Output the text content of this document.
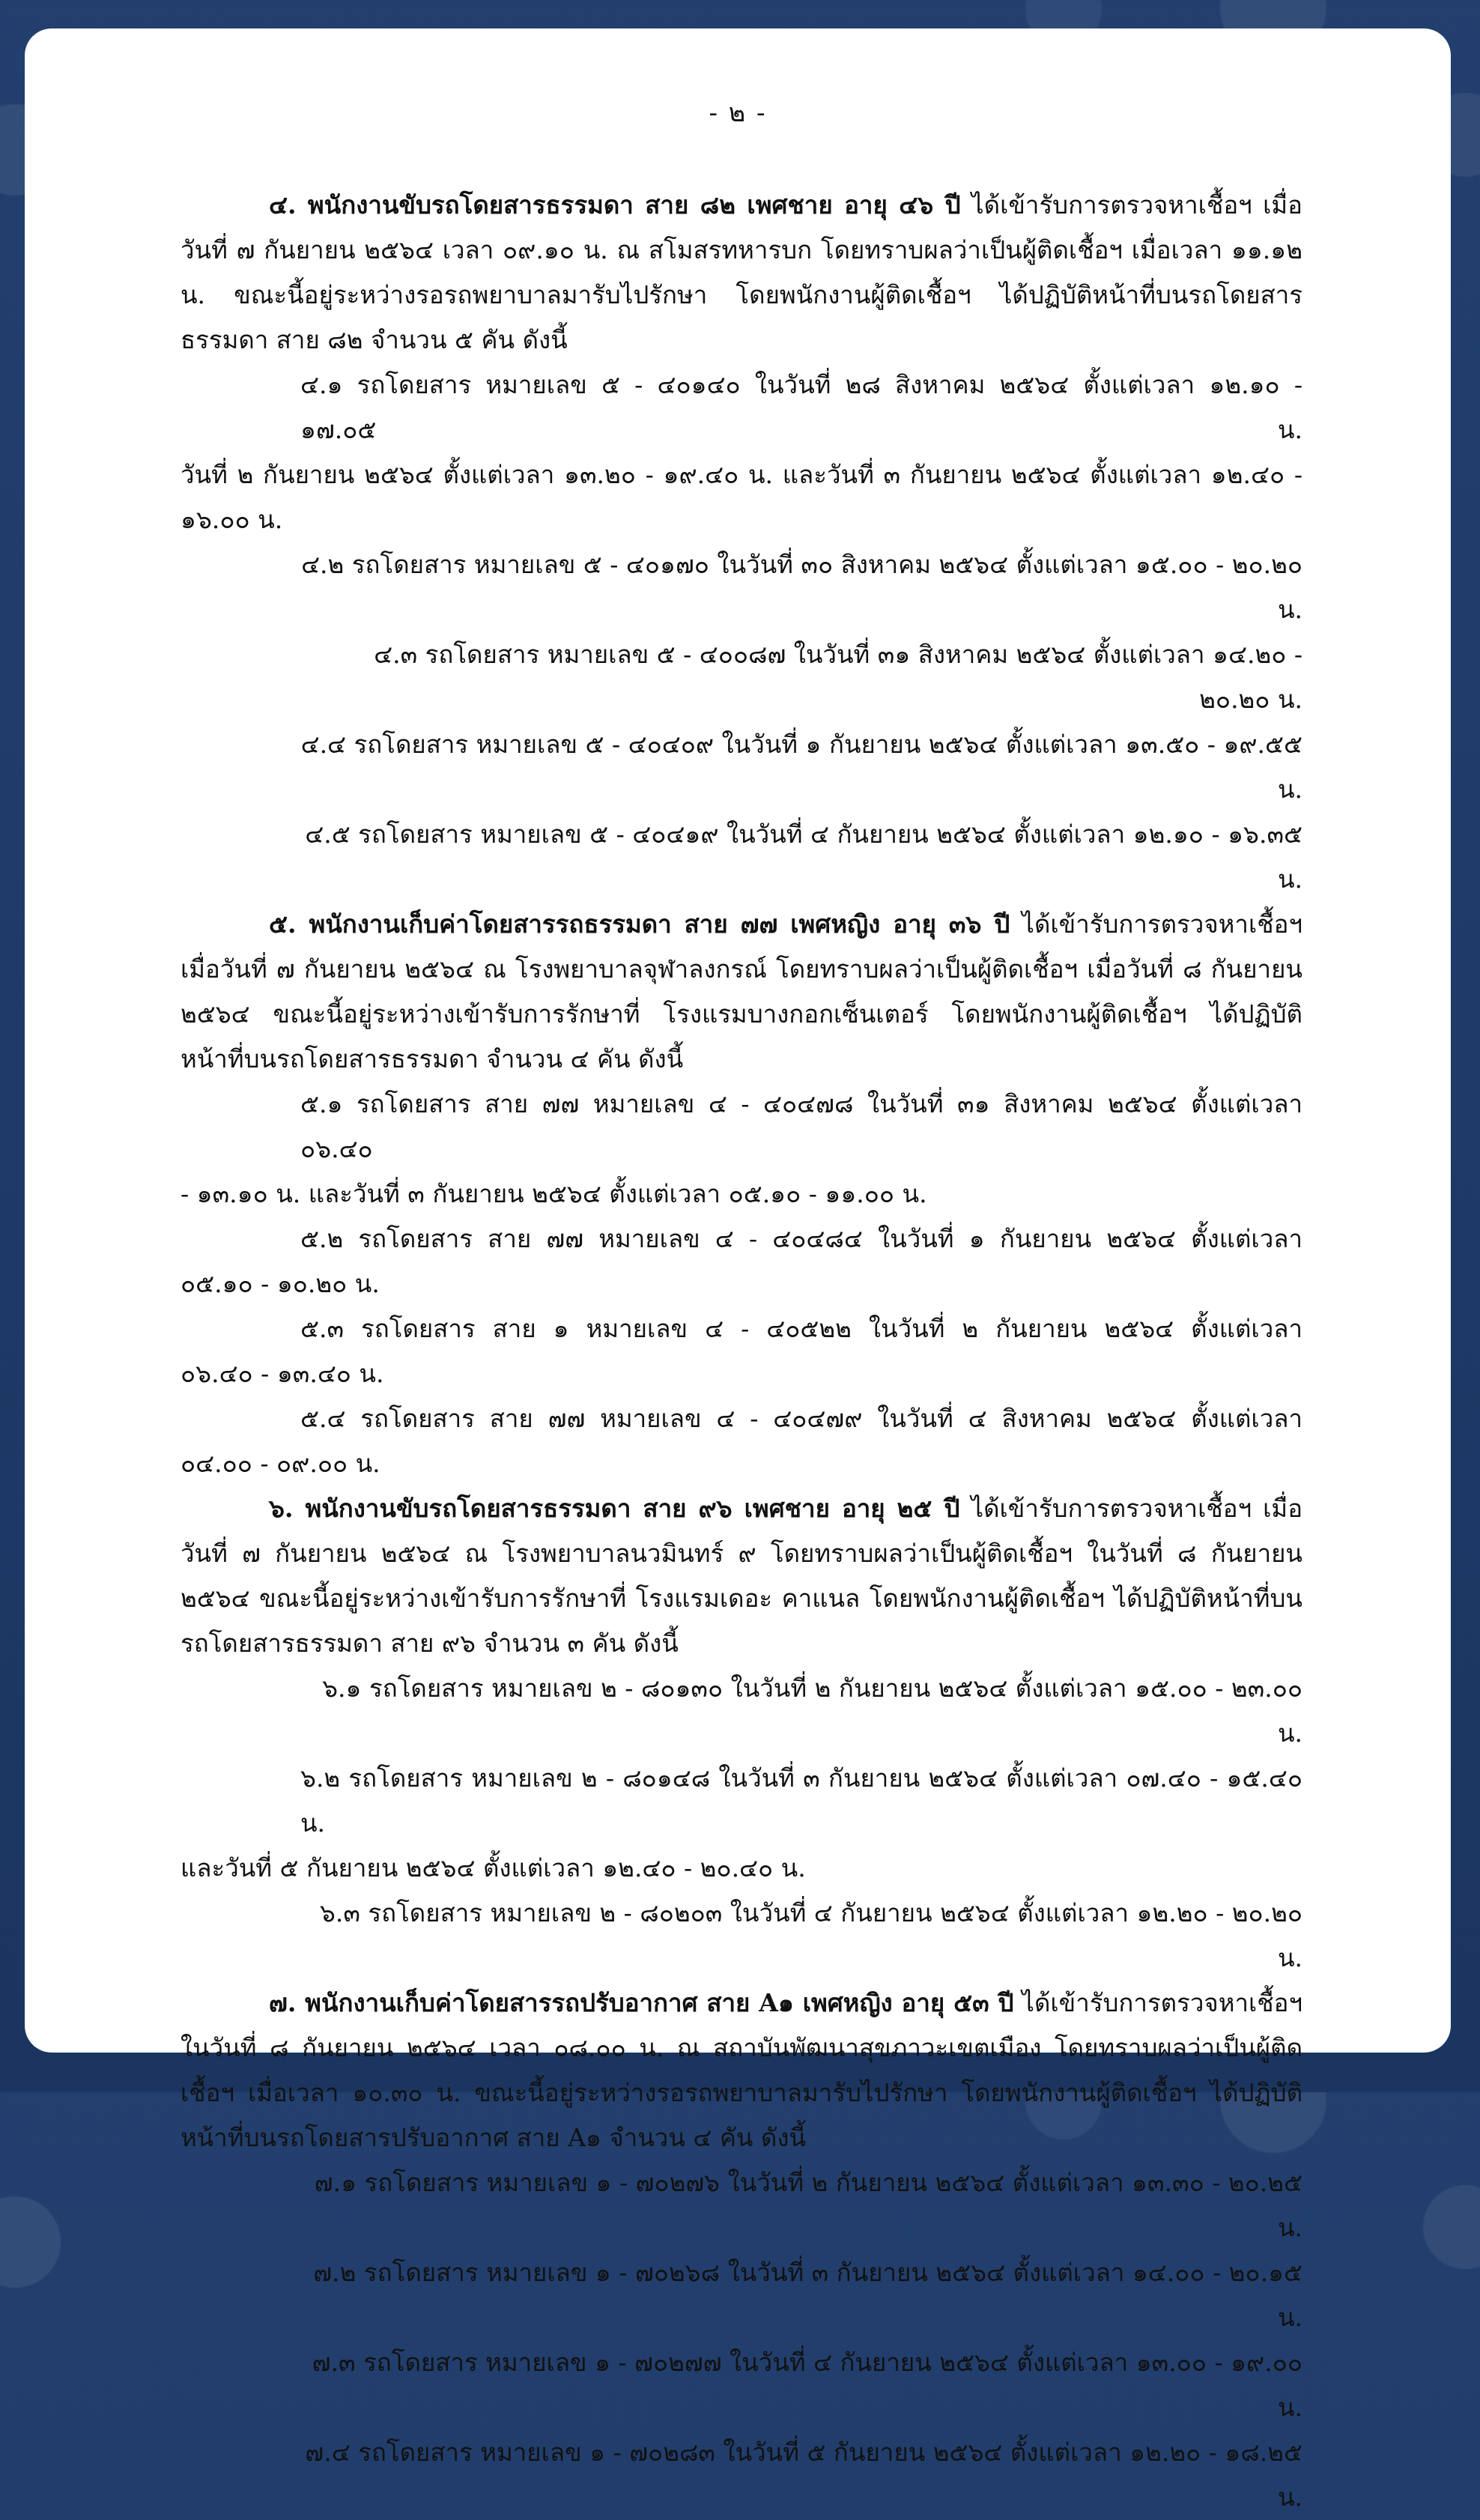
- ๒ -

๔. พนักงานขับรถโดยสารธรรมดา สาย ๘๒ เพศชาย อายุ ๔๖ ปี ได้เข้ารับการตรวจหาเชื้อฯ เมื่อวันที่ ๗ กันยายน ๒๕๖๔ เวลา ๐๙.๑๐ น. ณ สโมสรทหารบก โดยทราบผลว่าเป็นผู้ติดเชื้อฯ เมื่อเวลา ๑๑.๑๒ น. ขณะนี้อยู่ระหว่างรอรถพยาบาลมารับไปรักษา โดยพนักงานผู้ติดเชื้อฯ ได้ปฏิบัติหน้าที่บนรถโดยสารธรรมดา สาย ๘๒ จำนวน ๕ คัน ดังนี้

๔.๑ รถโดยสาร หมายเลข ๕ - ๔๐๑๔๐ ในวันที่ ๒๘ สิงหาคม ๒๕๖๔ ตั้งแต่เวลา ๑๒.๑๐ - ๑๗.๐๕ น.
วันที่ ๒ กันยายน ๒๕๖๔ ตั้งแต่เวลา ๑๓.๒๐ - ๑๙.๔๐ น. และวันที่ ๓ กันยายน ๒๕๖๔ ตั้งแต่เวลา ๑๒.๔๐ - ๑๖.๐๐ น.
๔.๒ รถโดยสาร หมายเลข ๕ - ๔๐๑๗๐ ในวันที่ ๓๐ สิงหาคม ๒๕๖๔ ตั้งแต่เวลา ๑๕.๐๐ - ๒๐.๒๐ น.
๔.๓ รถโดยสาร หมายเลข ๕ - ๔๐๐๘๗ ในวันที่ ๓๑ สิงหาคม ๒๕๖๔ ตั้งแต่เวลา ๑๔.๒๐ - ๒๐.๒๐ น.
๔.๔ รถโดยสาร หมายเลข ๕ - ๔๐๔๐๙ ในวันที่ ๑ กันยายน ๒๕๖๔ ตั้งแต่เวลา ๑๓.๕๐ - ๑๙.๕๕ น.
๔.๕ รถโดยสาร หมายเลข ๕ - ๔๐๔๑๙ ในวันที่ ๔ กันยายน ๒๕๖๔ ตั้งแต่เวลา ๑๒.๑๐ - ๑๖.๓๕ น.

๕. พนักงานเก็บค่าโดยสารรถธรรมดา สาย ๗๗ เพศหญิง อายุ ๓๖ ปี ได้เข้ารับการตรวจหาเชื้อฯ เมื่อวันที่ ๗ กันยายน ๒๕๖๔ ณ โรงพยาบาลจุฬาลงกรณ์ โดยทราบผลว่าเป็นผู้ติดเชื้อฯ เมื่อวันที่ ๘ กันยายน ๒๕๖๔ ขณะนี้อยู่ระหว่างเข้ารับการรักษาที่ โรงแรมบางกอกเซ็นเตอร์ โดยพนักงานผู้ติดเชื้อฯ ได้ปฏิบัติหน้าที่บนรถโดยสารธรรมดา จำนวน ๔ คัน ดังนี้

๕.๑ รถโดยสาร สาย ๗๗ หมายเลข ๔ - ๔๐๔๗๘ ในวันที่ ๓๑ สิงหาคม ๒๕๖๔ ตั้งแต่เวลา ๐๖.๔๐
- ๑๓.๑๐ น. และวันที่ ๓ กันยายน ๒๕๖๔ ตั้งแต่เวลา ๐๕.๑๐ - ๑๑.๐๐ น.
๕.๒ รถโดยสาร สาย ๗๗ หมายเลข ๔ - ๔๐๔๘๔ ในวันที่ ๑ กันยายน ๒๕๖๔ ตั้งแต่เวลา
๐๕.๑๐ - ๑๐.๒๐ น.
๕.๓ รถโดยสาร สาย ๑ หมายเลข ๔ - ๔๐๕๒๒ ในวันที่ ๒ กันยายน ๒๕๖๔ ตั้งแต่เวลา
๐๖.๔๐ - ๑๓.๔๐ น.
๕.๔ รถโดยสาร สาย ๗๗ หมายเลข ๔ - ๔๐๔๗๙ ในวันที่ ๔ สิงหาคม ๒๕๖๔ ตั้งแต่เวลา
๐๔.๐๐ - ๐๙.๐๐ น.

๖. พนักงานขับรถโดยสารธรรมดา สาย ๙๖ เพศชาย อายุ ๒๕ ปี ได้เข้ารับการตรวจหาเชื้อฯ เมื่อวันที่ ๗ กันยายน ๒๕๖๔ ณ โรงพยาบาลนวมินทร์ ๙ โดยทราบผลว่าเป็นผู้ติดเชื้อฯ ในวันที่ ๘ กันยายน ๒๕๖๔ ขณะนี้อยู่ระหว่างเข้ารับการรักษาที่ โรงแรมเดอะ คาแนล โดยพนักงานผู้ติดเชื้อฯ ได้ปฏิบัติหน้าที่บนรถโดยสารธรรมดา สาย ๙๖ จำนวน ๓ คัน ดังนี้

๖.๑ รถโดยสาร หมายเลข ๒ - ๘๐๑๓๐ ในวันที่ ๒ กันยายน ๒๕๖๔ ตั้งแต่เวลา ๑๕.๐๐ - ๒๓.๐๐ น.
๖.๒ รถโดยสาร หมายเลข ๒ - ๘๐๑๔๘ ในวันที่ ๓ กันยายน ๒๕๖๔ ตั้งแต่เวลา ๐๗.๔๐ - ๑๕.๔๐ น.
และวันที่ ๕ กันยายน ๒๕๖๔ ตั้งแต่เวลา ๑๒.๔๐ - ๒๐.๔๐ น.
๖.๓ รถโดยสาร หมายเลข ๒ - ๘๐๒๐๓ ในวันที่ ๔ กันยายน ๒๕๖๔ ตั้งแต่เวลา ๑๒.๒๐ - ๒๐.๒๐ น.

๗. พนักงานเก็บค่าโดยสารรถปรับอากาศ สาย A๑ เพศหญิง อายุ ๕๓ ปี ได้เข้ารับการตรวจหาเชื้อฯ ในวันที่ ๘ กันยายน ๒๕๖๔ เวลา ๐๘.๐๐ น. ณ สถาบันพัฒนาสุขภาวะเขตเมือง โดยทราบผลว่าเป็นผู้ติดเชื้อฯ เมื่อเวลา ๑๐.๓๐ น. ขณะนี้อยู่ระหว่างรอรถพยาบาลมารับไปรักษา โดยพนักงานผู้ติดเชื้อฯ ได้ปฏิบัติหน้าที่บนรถโดยสารปรับอากาศ สาย A๑ จำนวน ๔ คัน ดังนี้

๗.๑ รถโดยสาร หมายเลข ๑ - ๗๐๒๗๖ ในวันที่ ๒ กันยายน ๒๕๖๔ ตั้งแต่เวลา ๑๓.๓๐ - ๒๐.๒๕ น.
๗.๒ รถโดยสาร หมายเลข ๑ - ๗๐๒๖๘ ในวันที่ ๓ กันยายน ๒๕๖๔ ตั้งแต่เวลา ๑๔.๐๐ - ๒๐.๑๕ น.
๗.๓ รถโดยสาร หมายเลข ๑ - ๗๐๒๗๗ ในวันที่ ๔ กันยายน ๒๕๖๔ ตั้งแต่เวลา ๑๓.๐๐ - ๑๙.๐๐ น.
๗.๔ รถโดยสาร หมายเลข ๑ - ๗๐๒๘๓ ในวันที่ ๕ กันยายน ๒๕๖๔ ตั้งแต่เวลา ๑๒.๒๐ - ๑๘.๒๕ น.
